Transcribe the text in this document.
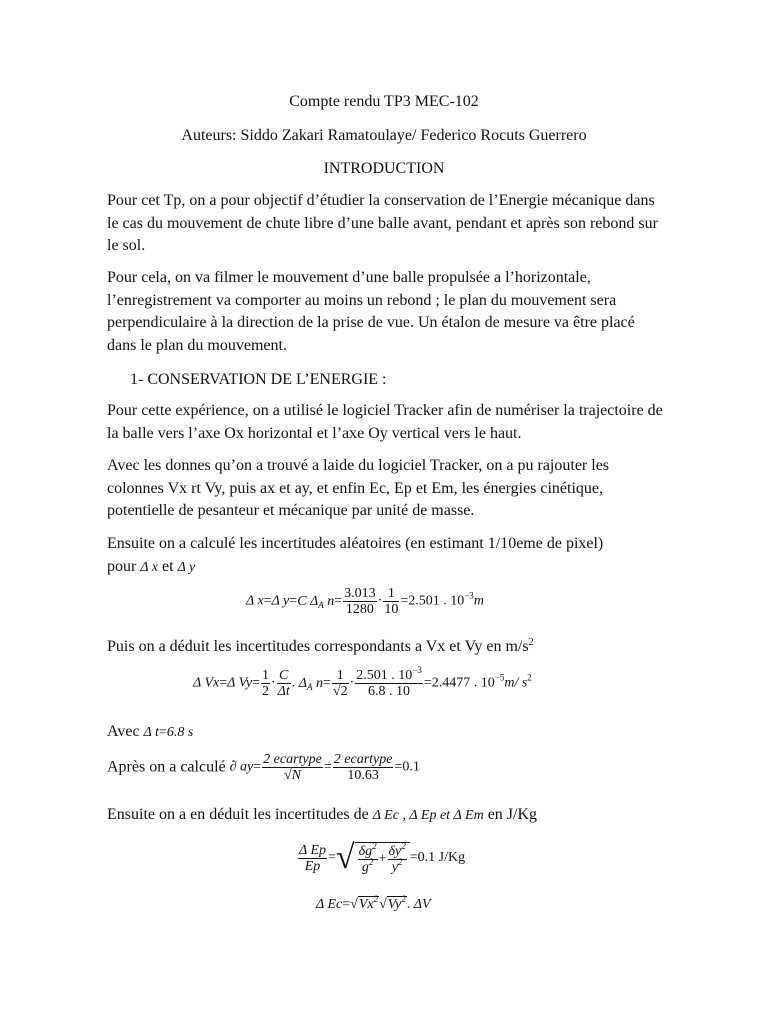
Compte rendu TP3 MEC-102
Auteurs: Siddo Zakari Ramatoulaye/ Federico Rocuts Guerrero
INTRODUCTION
Pour cet Tp, on a pour objectif d’étudier la conservation de l’Energie mécanique dans le cas du mouvement de chute libre d’une balle avant, pendant et après son rebond sur le sol.
Pour cela, on va filmer le mouvement d’une balle propulsée a l’horizontale, l’enregistrement va comporter au moins un rebond ; le plan du mouvement sera perpendiculaire à la direction de la prise de vue. Un étalon de mesure va être placé dans le plan du mouvement.
1- CONSERVATION DE L’ENERGIE :
Pour cette expérience, on a utilisé le logiciel Tracker afin de numériser la trajectoire de la balle vers l’axe Ox horizontal et l’axe Oy vertical vers le haut.
Avec les donnes qu’on a trouvé a laide du logiciel Tracker, on a pu rajouter les colonnes Vx rt Vy, puis ax et ay, et enfin Ec, Ep et Em, les énergies cinétique, potentielle de pesanteur et mécanique par unité de masse.
Ensuite on a calculé les incertitudes aléatoires (en estimant 1/10eme de pixel)
pour Δ x et Δ y
Δ x=Δ y=C $\Delta_A$ $n= \frac{3.013}{1280} \cdot \frac{1}{10} =2.501$ . $10^{-3}m$
Puis on a déduit les incertitudes correspondants a Vx et Vy en $m/s^2$
Δ Vx=Δ $Vy= \frac{1}{2} \cdot \frac{C}{\Delta t}$ . $\Delta_A$ $n= \frac{1}{√2} \cdot \frac{2.501 . 10^{-3}}{6.8 . 10} =2.4477$ . $10^{-5}m/$ $s^2$
Avec Δ t=6.8 s
Après on a calculé ∂ $ay= \frac{\text{2 ecartype}}{√N} = \frac{\text{2 ecartype}}{10.63} =0.1$
Ensuite on a en déduit les incertitudes de Δ Ec , Δ Ep et Δ Em en J/Kg
$\frac{\text{Δ Ep}}{Ep}$ =√ $\frac{\delta g^2}{g^2} + \frac{\delta y^2}{y^2} =0.1$ J/Kg
Δ $Ec=√Vx^2√Vy^2$. ΔV
